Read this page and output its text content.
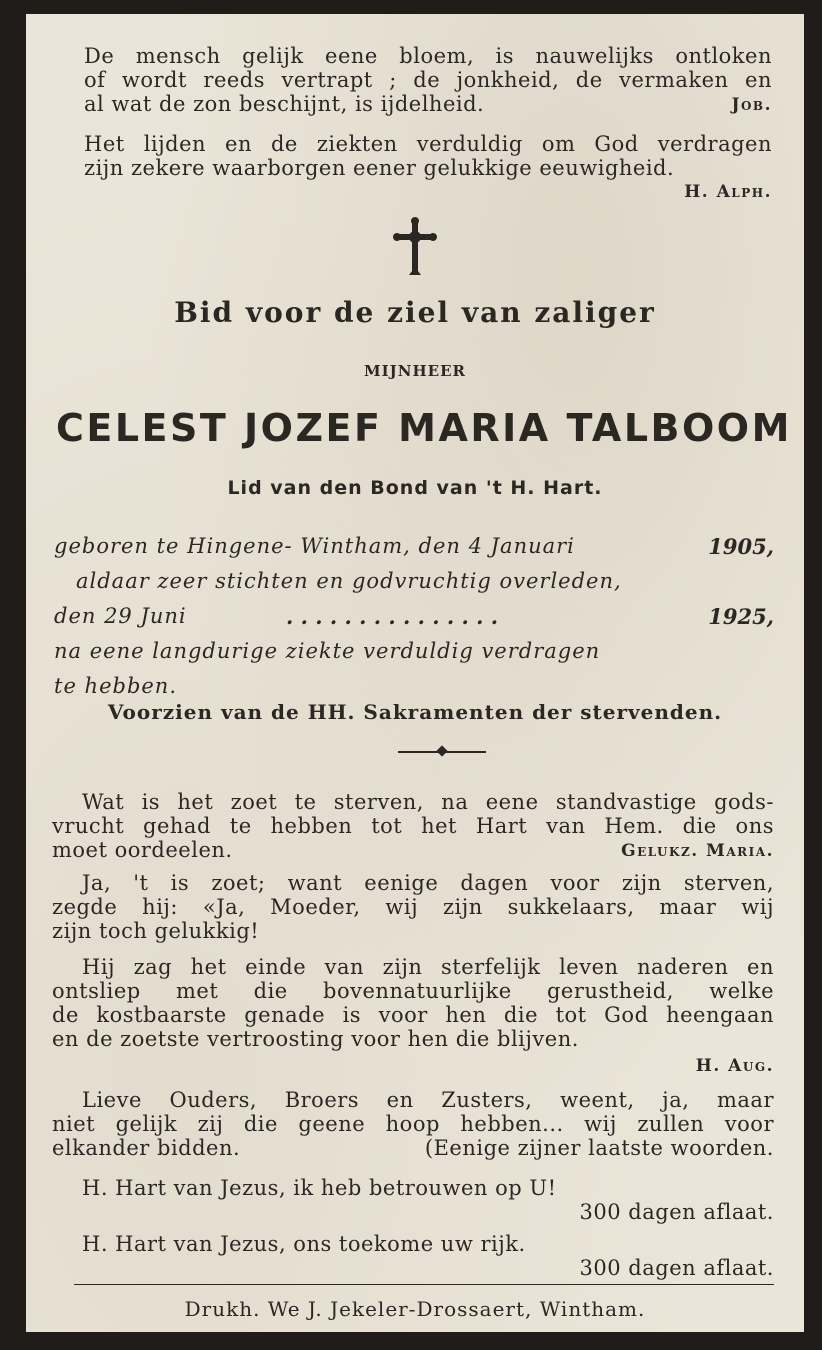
De mensch gelijk eene bloem, is nauwelijks ontloken
of wordt reeds vertrapt ; de jonkheid, de vermaken en
al wat de zon beschijnt, is ijdelheid.	Job.
Het lijden en de ziekten verduldig om God verdragen
zijn zekere waarborgen eener gelukkige eeuwigheid.
H. Alph.
Bid voor de ziel van zaliger
MIJNHEER
CELEST JOZEF MARIA TALBOOM
Lid van den Bond van 't H. Hart.
geboren te Hingene- Wintham, den 4 Januari	1905,
aldaar zeer stichten en godvruchtig overleden,
den 29 Juni	. . . . . . . . . . . . . . .	1925,
na eene langdurige ziekte verduldig verdragen
te hebben.
Voorzien van de HH. Sakramenten der stervenden.
Wat is het zoet te sterven, na eene standvastige gods-
vrucht gehad te hebben tot het Hart van Hem. die ons
moet oordeelen.	Gelukz. Maria.
Ja, 't is zoet; want eenige dagen voor zijn sterven,
zegde hij: «Ja, Moeder, wij zijn sukkelaars, maar wij
zijn toch gelukkig!
Hij zag het einde van zijn sterfelijk leven naderen en
ontsliep met die bovennatuurlijke gerustheid, welke
de kostbaarste genade is voor hen die tot God heengaan
en de zoetste vertroosting voor hen die blijven.
H. Aug.
Lieve Ouders, Broers en Zusters, weent, ja, maar
niet gelijk zij die geene hoop hebben... wij zullen voor
elkander bidden.	(Eenige zijner laatste woorden.
H. Hart van Jezus, ik heb betrouwen op U!
300 dagen aflaat.
H. Hart van Jezus, ons toekome uw rijk.
300 dagen aflaat.
Drukh. We J. Jekeler-Drossaert, Wintham.
